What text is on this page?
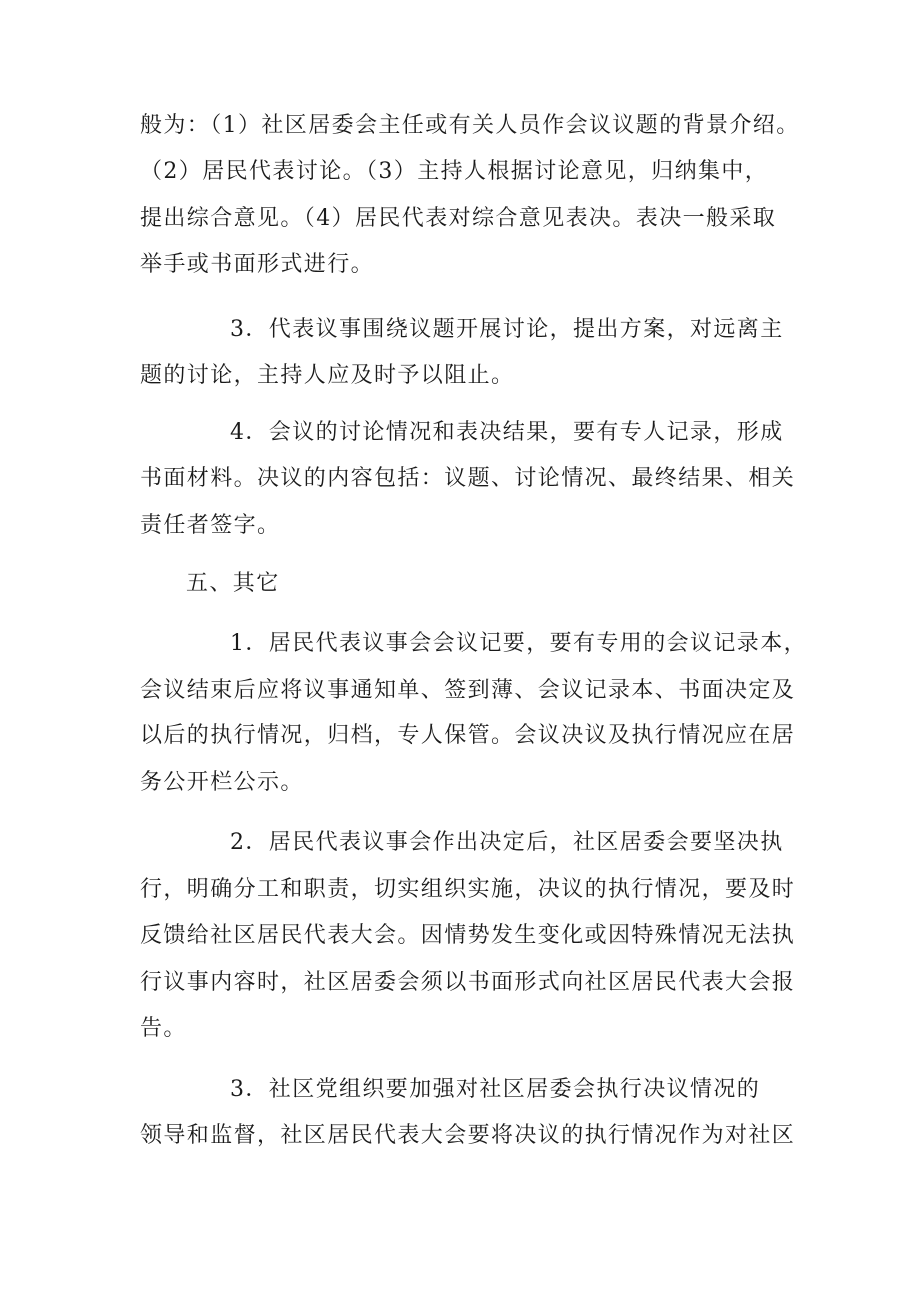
般为：（1）社区居委会主任或有关人员作会议议题的背景介绍。
（2）居民代表讨论。（3）主持人根据讨论意见，归纳集中，
提出综合意见。（4）居民代表对综合意见表决。表决一般采取
举手或书面形式进行。
3．代表议事围绕议题开展讨论，提出方案，对远离主
题的讨论，主持人应及时予以阻止。
4．会议的讨论情况和表决结果，要有专人记录，形成
书面材料。决议的内容包括：议题、讨论情况、最终结果、相关
责任者签字。
五、其它
1．居民代表议事会会议记要，要有专用的会议记录本，
会议结束后应将议事通知单、签到薄、会议记录本、书面决定及
以后的执行情况，归档，专人保管。会议决议及执行情况应在居
务公开栏公示。
2．居民代表议事会作出决定后，社区居委会要坚决执
行，明确分工和职责，切实组织实施，决议的执行情况，要及时
反馈给社区居民代表大会。因情势发生变化或因特殊情况无法执
行议事内容时，社区居委会须以书面形式向社区居民代表大会报
告。
3．社区党组织要加强对社区居委会执行决议情况的
领导和监督，社区居民代表大会要将决议的执行情况作为对社区
